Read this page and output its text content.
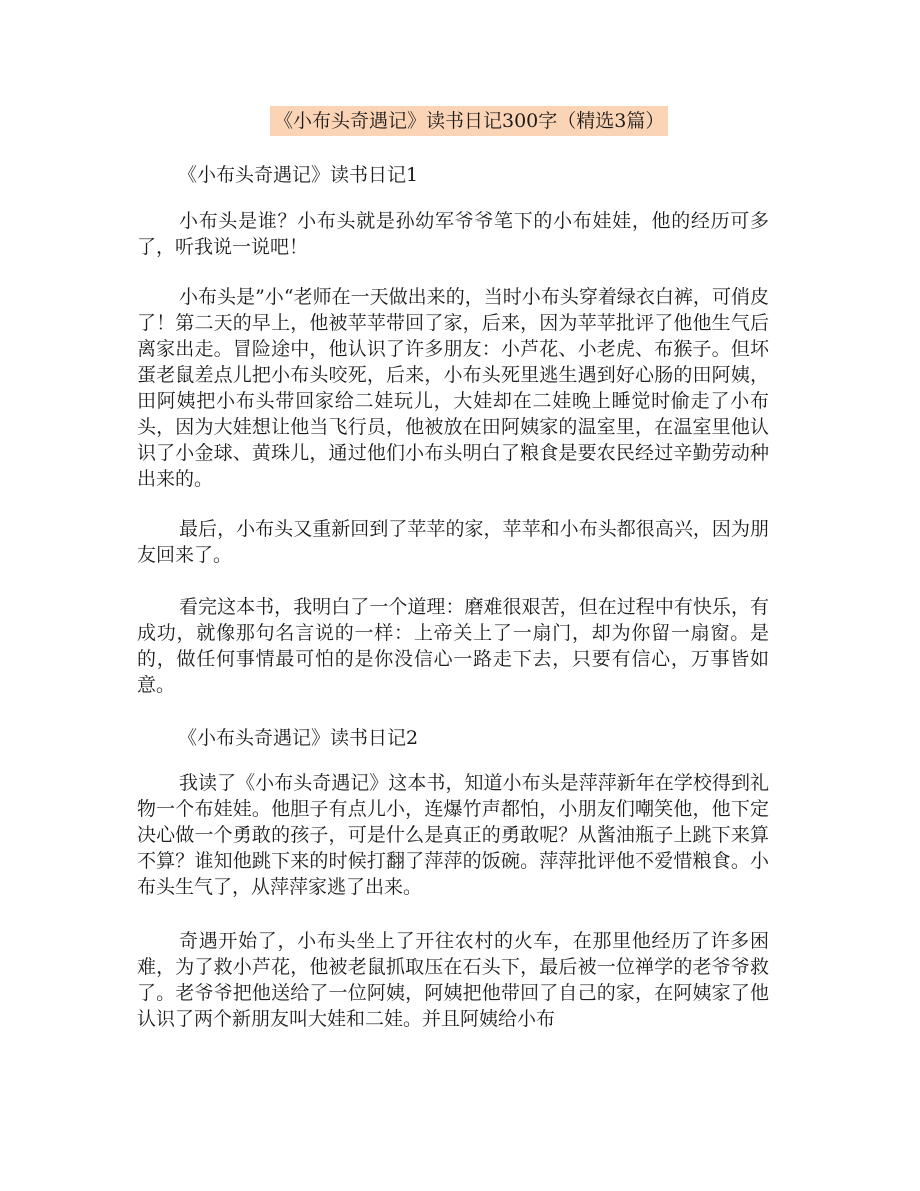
《小布头奇遇记》读书日记300字（精选3篇）
《小布头奇遇记》读书日记1

小布头是谁？小布头就是孙幼军爷爷笔下的小布娃娃，他的经历可多了，听我说一说吧！

小布头是”小“老师在一天做出来的，当时小布头穿着绿衣白裤，可俏皮了！第二天的早上，他被苹苹带回了家，后来，因为苹苹批评了他他生气后离家出走。冒险途中，他认识了许多朋友：小芦花、小老虎、布猴子。但坏蛋老鼠差点儿把小布头咬死，后来，小布头死里逃生遇到好心肠的田阿姨，田阿姨把小布头带回家给二娃玩儿，大娃却在二娃晚上睡觉时偷走了小布头，因为大娃想让他当飞行员，他被放在田阿姨家的温室里，在温室里他认识了小金球、黄珠儿，通过他们小布头明白了粮食是要农民经过辛勤劳动种出来的。

最后，小布头又重新回到了苹苹的家，苹苹和小布头都很高兴，因为朋友回来了。

看完这本书，我明白了一个道理：磨难很艰苦，但在过程中有快乐，有成功，就像那句名言说的一样：上帝关上了一扇门，却为你留一扇窗。是的，做任何事情最可怕的是你没信心一路走下去，只要有信心，万事皆如意。

《小布头奇遇记》读书日记2

我读了《小布头奇遇记》这本书，知道小布头是萍萍新年在学校得到礼物一个布娃娃。他胆子有点儿小，连爆竹声都怕，小朋友们嘲笑他，他下定决心做一个勇敢的孩子，可是什么是真正的勇敢呢？从酱油瓶子上跳下来算不算？谁知他跳下来的时候打翻了萍萍的饭碗。萍萍批评他不爱惜粮食。小布头生气了，从萍萍家逃了出来。

奇遇开始了，小布头坐上了开往农村的火车，在那里他经历了许多困难，为了救小芦花，他被老鼠抓取压在石头下，最后被一位禅学的老爷爷救了。老爷爷把他送给了一位阿姨，阿姨把他带回了自己的家，在阿姨家了他认识了两个新朋友叫大娃和二娃。并且阿姨给小布
